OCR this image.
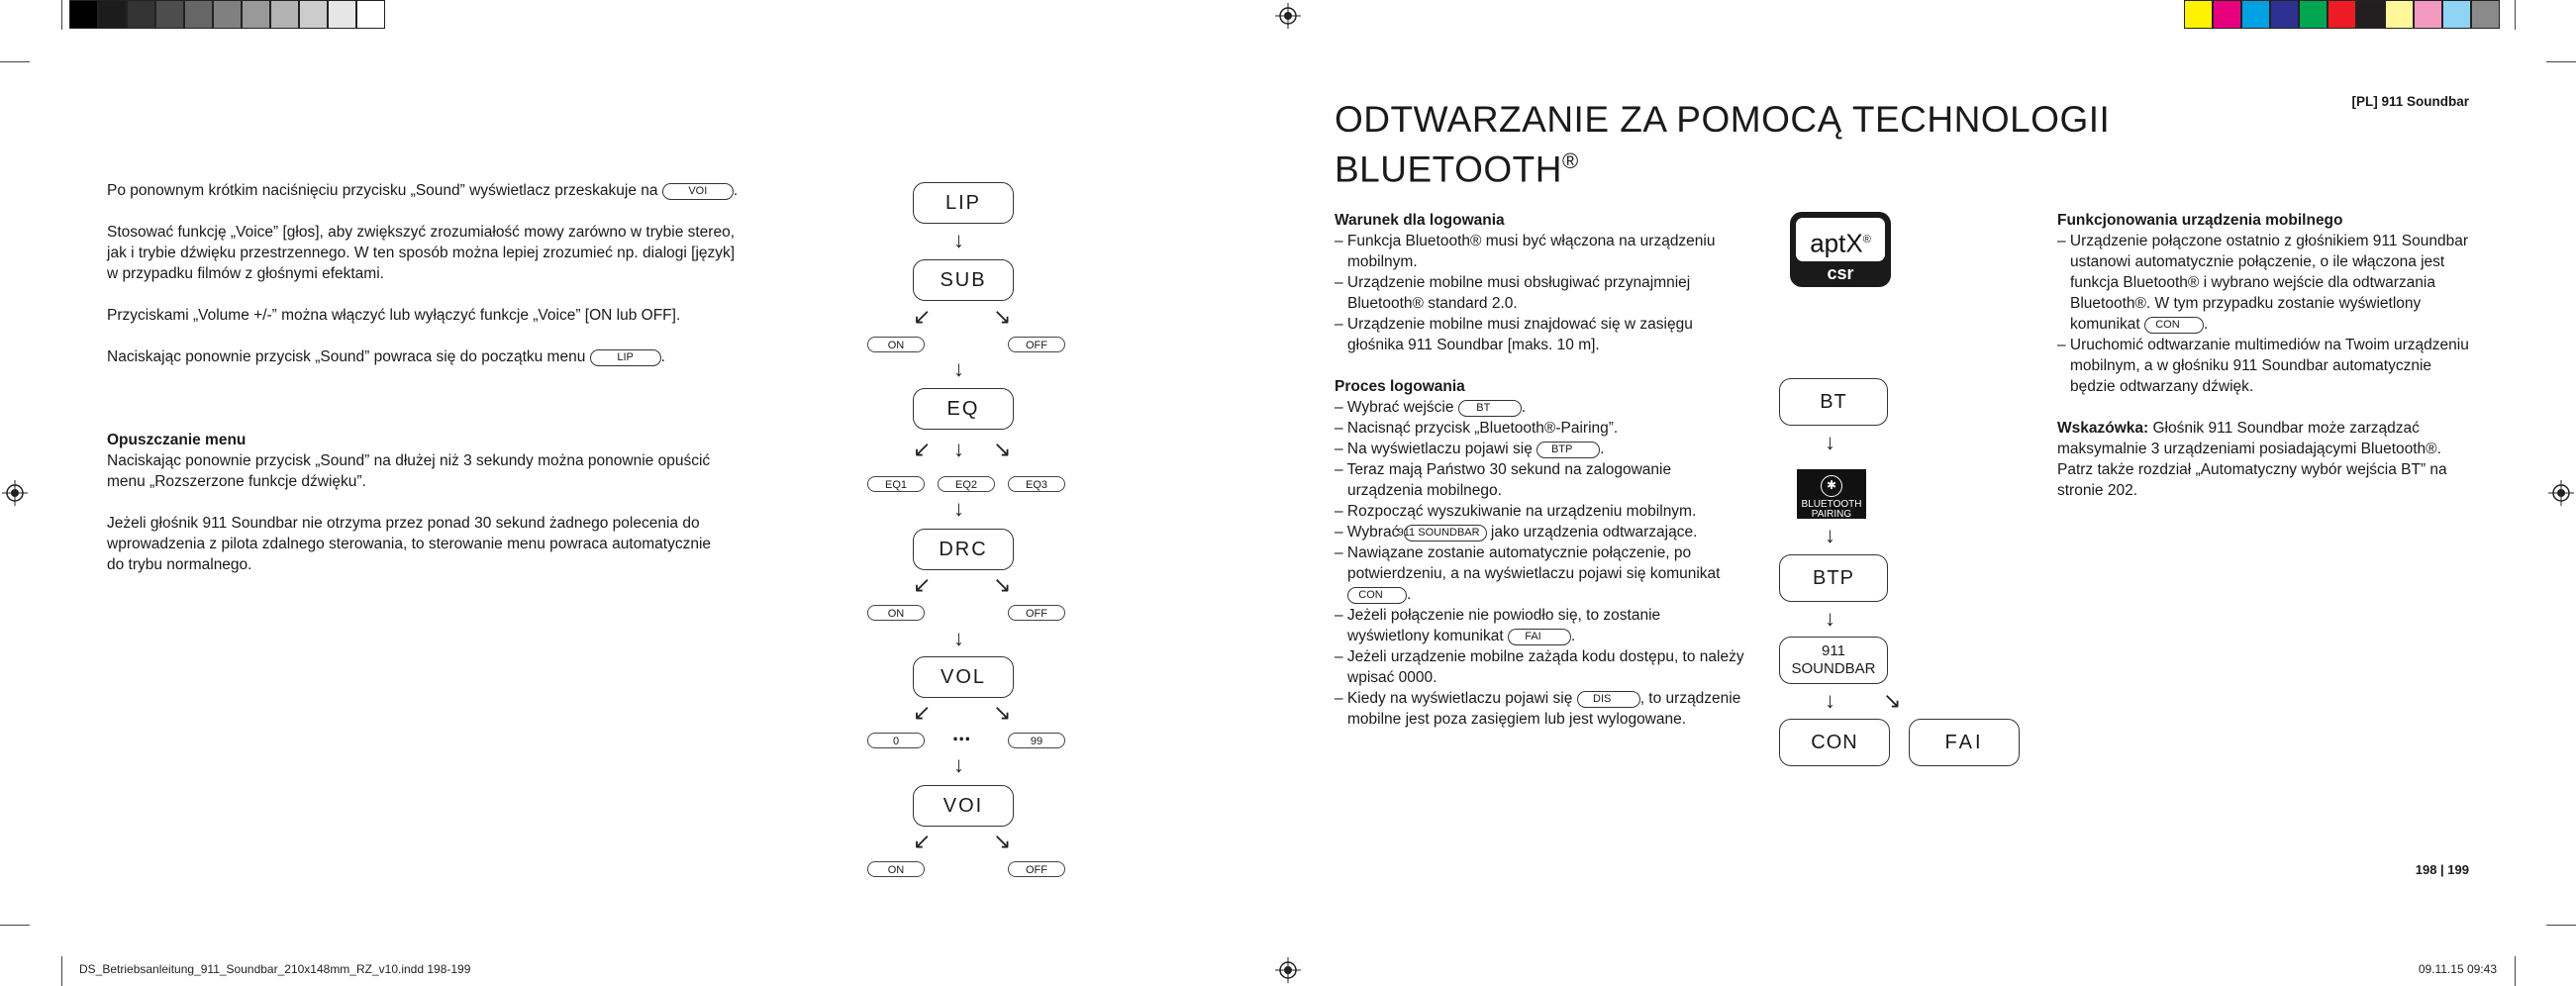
Po ponownym krótkim naciśnięciu przycisku „Sound” wyświetlacz przeskakuje na	VOI .
Stosować funkcję „Voice” [głos], aby zwiększyć zrozumiałość mowy zarówno w trybie stereo,
jak i trybie dźwięku przestrzennego. W ten sposób można lepiej zrozumieć np. dialogi [język]
w przypadku filmów z głośnymi efektami.
Przyciskami „Volume +/-” można włączyć lub wyłączyć funkcje „Voice” [ON lub OFF].
Naciskając ponownie przycisk „Sound” powraca się do początku menu	LIP .
Opuszczanie menu
Naciskając ponownie przycisk „Sound” na dłużej niż 3 sekundy można ponownie opuścić
menu „Rozszerzone funkcje dźwięku”.
Jeżeli głośnik 911 Soundbar nie otrzyma przez ponad 30 sekund żadnego polecenia do
wprowadzenia z pilota zdalnego sterowania, to sterowanie menu powraca automatycznie
do trybu normalnego.
LIP
↓
SUB
↙	↘
ON	OFF
↓
EQ
↙ ↓ ↘
EQ1	EQ2	EQ3
↓
DRC
↙	↘
ON	OFF
↓
VOL
↙	↘
0	...	99
↓
VOI
↙	↘
ON	OFF
[PL] 911 Soundbar
ODTWARZANIE ZA POMOCĄ TECHNOLOGII
BLUETOOTH®
Warunek dla logowania
– Funkcja Bluetooth® musi być włączona na urządzeniu mobilnym.
– Urządzenie mobilne musi obsługiwać przynajmniej Bluetooth® standard 2.0.
– Urządzenie mobilne musi znajdować się w zasięgu głośnika 911 Soundbar [maks. 10 m].
Proces logowania
– Wybrać wejście BT .
– Nacisnąć przycisk „Bluetooth®-Pairing”.
– Na wyświetlaczu pojawi się BTP .
– Teraz mają Państwo 30 sekund na zalogowanie urządzenia mobilnego.
– Rozpocząć wyszukiwanie na urządzeniu mobilnym.
– Wybrać 911 SOUNDBAR jako urządzenia odtwarzające.
– Nawiązane zostanie automatycznie połączenie, po potwierdzeniu, a na wyświetlaczu pojawi się komunikat CON .
– Jeżeli połączenie nie powiodło się, to zostanie wyświetlony komunikat FAI .
– Jeżeli urządzenie mobilne zażąda kodu dostępu, to należy wpisać 0000.
– Kiedy na wyświetlaczu pojawi się DIS , to urządzenie mobilne jest poza zasięgiem lub jest wylogowane.
aptX®
csr
BT
↓
✱
BLUETOOTH
PAIRING
↓
BTP
↓
911
SOUNDBAR
↓ ↘
CON	FAI
Funkcjonowania urządzenia mobilnego
– Urządzenie połączone ostatnio z głośnikiem 911 Soundbar ustanowi automatycznie połączenie, o ile włączona jest funkcja Bluetooth® i wybrano wejście dla odtwarzania Bluetooth®. W tym przypadku zostanie wyświetlony komunikat CON .
– Uruchomić odtwarzanie multimediów na Twoim urządzeniu mobilnym, a w głośniku 911 Soundbar automatycznie będzie odtwarzany dźwięk.
Wskazówka: Głośnik 911 Soundbar może zarządzać maksymalnie 3 urządzeniami posiadającymi Bluetooth®. Patrz także rozdział „Automatyczny wybór wejścia BT” na stronie 202.
198 | 199
DS_Betriebsanleitung_911_Soundbar_210x148mm_RZ_v10.indd 198-199	09.11.15 09:43
